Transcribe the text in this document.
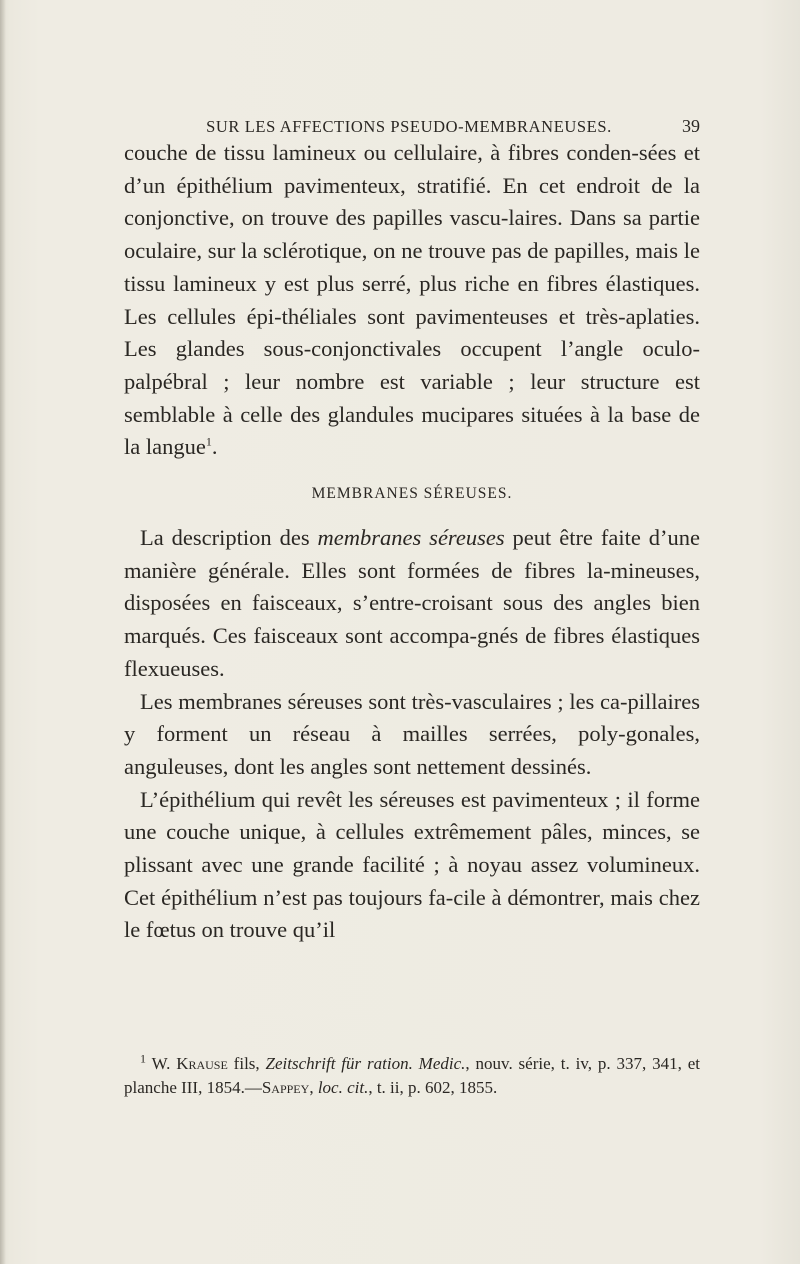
SUR LES AFFECTIONS PSEUDO-MEMBRANEUSES.	39

couche de tissu lamineux ou cellulaire, à fibres conden-sées et d’un épithélium pavimenteux, stratifié. En cet endroit de la conjonctive, on trouve des papilles vascu-laires. Dans sa partie oculaire, sur la sclérotique, on ne trouve pas de papilles, mais le tissu lamineux y est plus serré, plus riche en fibres élastiques. Les cellules épi-théliales sont pavimenteuses et très-aplaties. Les glandes sous-conjonctivales occupent l’angle oculo-palpébral ; leur nombre est variable ; leur structure est semblable à celle des glandules mucipares situées à la base de la langue$^1$.

MEMBRANES SÉREUSES.

La description des membranes séreuses peut être faite d’une manière générale. Elles sont formées de fibres la-mineuses, disposées en faisceaux, s’entre-croisant sous des angles bien marqués. Ces faisceaux sont accompa-gnés de fibres élastiques flexueuses.

Les membranes séreuses sont très-vasculaires ; les ca-pillaires y forment un réseau à mailles serrées, poly-gonales, anguleuses, dont les angles sont nettement dessinés.

L’épithélium qui revêt les séreuses est pavimenteux ; il forme une couche unique, à cellules extrêmement pâles, minces, se plissant avec une grande facilité ; à noyau assez volumineux. Cet épithélium n’est pas toujours fa-cile à démontrer, mais chez le fœtus on trouve qu’il

$^1$ W. Krause fils, Zeitschrift für ration. Medic., nouv. série, t. iv, p. 337, 341, et planche III, 1854.—Sappey, loc. cit., t. ii, p. 602, 1855.
